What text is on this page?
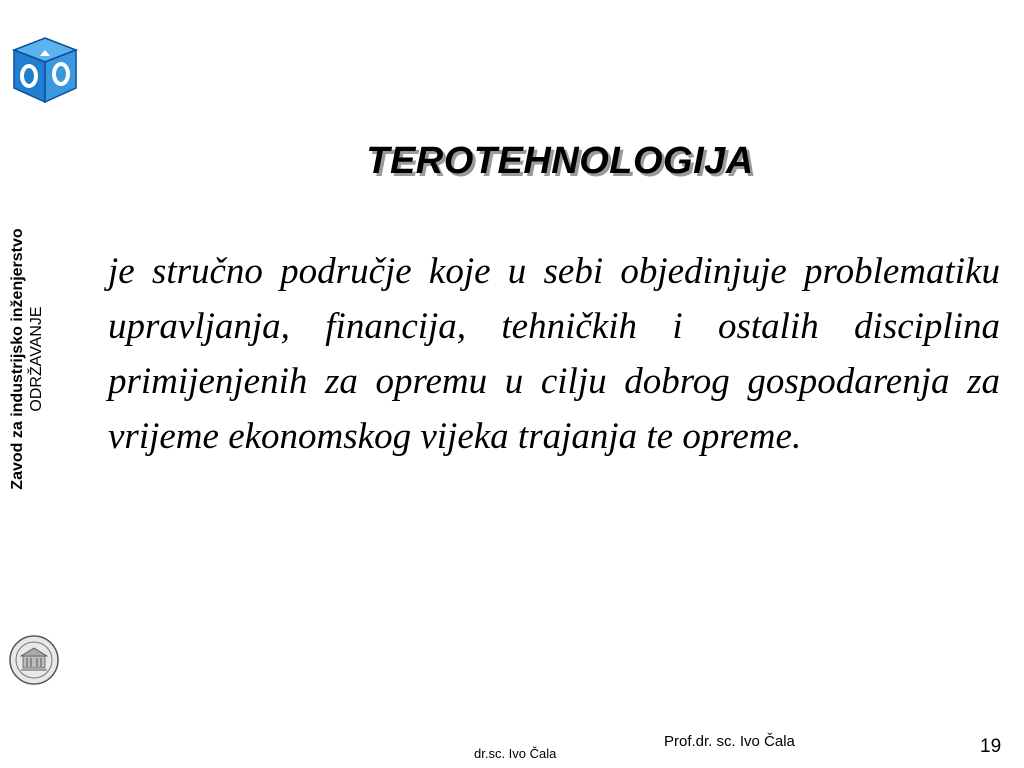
Zavod za industrijsko inženjerstvo ODRŽAVANJE
TEROTEHNOLOGIJA

je stručno područje koje u sebi objedinjuje problematiku upravljanja, financija, tehničkih i ostalih disciplina primijenjenih za opremu u cilju dobrog gospodarenja za vrijeme ekonomskog vijeka trajanja te opreme.

Prof.dr. sc. Ivo Čala
dr.sc. Ivo Čala	19
